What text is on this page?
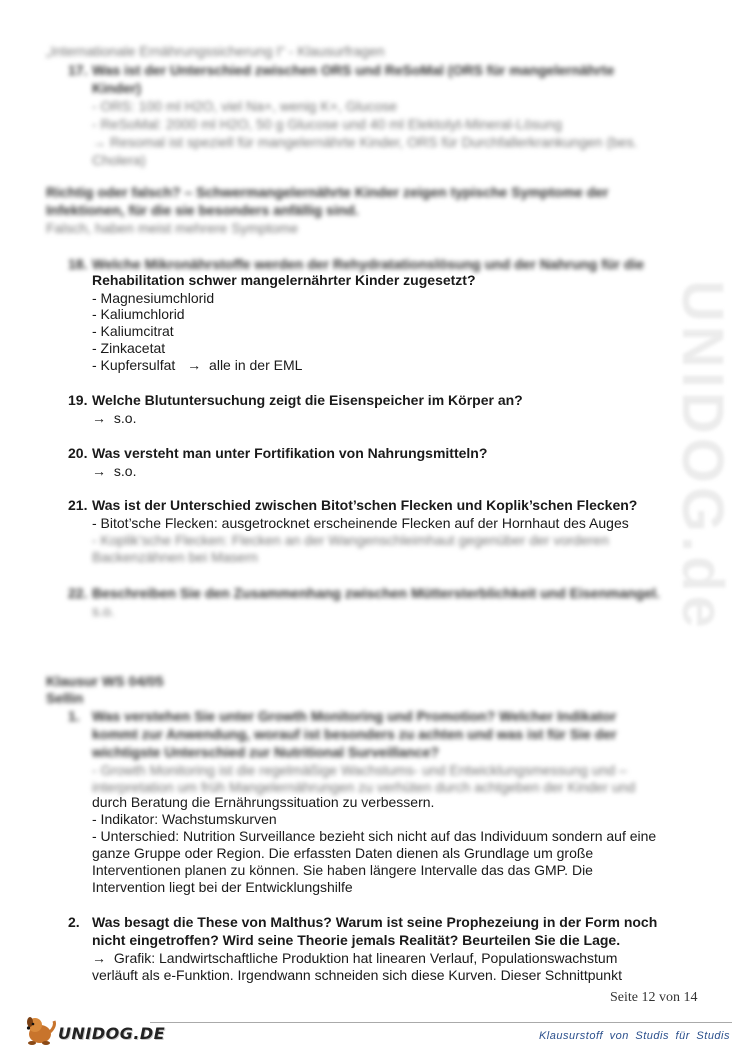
UNIDOG.de
„Internationale Ernährungssicherung I“ - Klausurfragen
17. Was ist der Unterschied zwischen ORS und ReSoMal (ORS für mangelernährte
Kinder)
- ORS: 100 ml H2O, viel Na+, wenig K+, Glucose
- ReSoMal: 2000 ml H2O, 50 g Glucose und 40 ml Elektolyt-Mineral-Lösung
→ Resomal ist speziell für mangelernährte Kinder, ORS für Durchfallerkrankungen (bes.
Cholera)
Richtig oder falsch? – Schwermangelernährte Kinder zeigen typische Symptome der
Infektionen, für die sie besonders anfällig sind.
Falsch, haben meist mehrere Symptome
18. Welche Mikronährstoffe werden der Rehydratationslösung und der Nahrung für die
Rehabilitation schwer mangelernährter Kinder zugesetzt?
- Magnesiumchlorid
- Kaliumchlorid
- Kaliumcitrat
- Zinkacetat
- Kupfersulfat → alle in der EML
19. Welche Blutuntersuchung zeigt die Eisenspeicher im Körper an?
→ s.o.
20. Was versteht man unter Fortifikation von Nahrungsmitteln?
→ s.o.
21. Was ist der Unterschied zwischen Bitot’schen Flecken und Koplik’schen Flecken?
- Bitot’sche Flecken: ausgetrocknet erscheinende Flecken auf der Hornhaut des Auges
- Koplik’sche Flecken: Flecken an der Wangenschleimhaut gegenüber der vorderen
Backenzähnen bei Masern
22. Beschreiben Sie den Zusammenhang zwischen Müttersterblichkeit und Eisenmangel.
s.o.
Klausur WS 04/05
Sellin
1. Was verstehen Sie unter Growth Monitoring und Promotion? Welcher Indikator
kommt zur Anwendung, worauf ist besonders zu achten und was ist für Sie der
wichtigste Unterschied zur Nutritional Surveillance?
- Growth Monitoring ist die regelmäßige Wachstums- und Entwicklungsmessung und –
interpretation um früh Mangelernährungen zu verhüten durch achtgeben der Kinder und
durch Beratung die Ernährungssituation zu verbessern.
- Indikator: Wachstumskurven
- Unterschied: Nutrition Surveillance bezieht sich nicht auf das Individuum sondern auf eine
ganze Gruppe oder Region. Die erfassten Daten dienen als Grundlage um große
Interventionen planen zu können. Sie haben längere Intervalle das das GMP. Die
Intervention liegt bei der Entwicklungshilfe
2. Was besagt die These von Malthus? Warum ist seine Prophezeiung in der Form noch
nicht eingetroffen? Wird seine Theorie jemals Realität? Beurteilen Sie die Lage.
→ Grafik: Landwirtschaftliche Produktion hat linearen Verlauf, Populationswachstum
verläuft als e-Funktion. Irgendwann schneiden sich diese Kurven. Dieser Schnittpunkt
Seite 12 von 14
UNIDOG.DE	Klausurstoff von Studis für Studis
